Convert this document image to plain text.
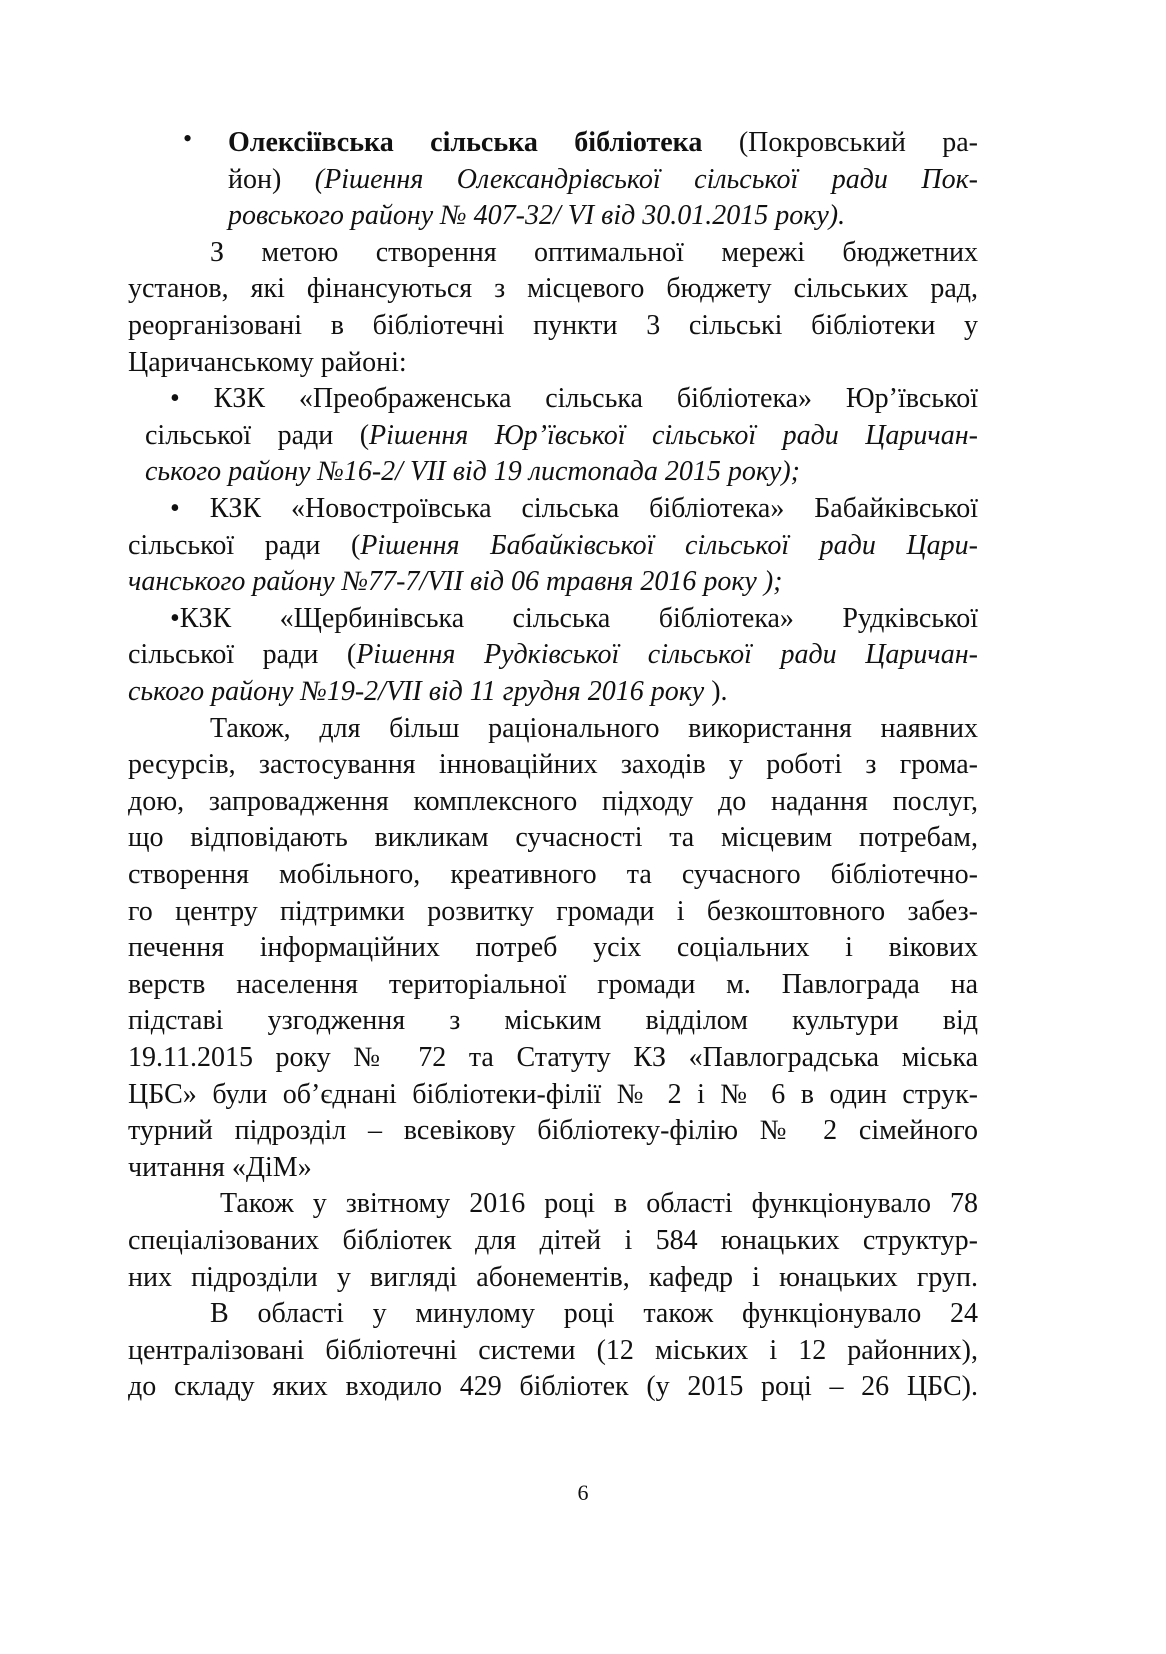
• Олексіївська сільська бібліотека (Покровський ра-
йон) (Рішення Олександрівської сільської ради Пок-
ровського району № 407-32/ VI від 30.01.2015 року).
З метою створення оптимальної мережі бюджетних
установ, які фінансуються з місцевого бюджету сільських рад,
реорганізовані в бібліотечні пункти 3 сільські бібліотеки у
Царичанському районі:
• КЗК «Преображенська сільська бібліотека» Юр’ївської
сільської ради (Рішення Юр’ївської сільської ради Царичан-
ського району №16-2/ VII від 19 листопада 2015 року);
• КЗК «Новостроївська сільська бібліотека» Бабайківської
сільської ради (Рішення Бабайківської сільської ради Цари-
чанського району №77-7/VII від 06 травня 2016 року );
•КЗК «Щербинівська сільська бібліотека» Рудківської
сільської ради (Рішення Рудківської сільської ради Царичан-
ського району №19-2/VII від 11 грудня 2016 року ).
Також, для більш раціонального використання наявних
ресурсів, застосування інноваційних заходів у роботі з грома-
дою, запровадження комплексного підходу до надання послуг,
що відповідають викликам сучасності та місцевим потребам,
створення мобільного, креативного та сучасного бібліотечно-
го центру підтримки розвитку громади і безкоштовного забез-
печення інформаційних потреб усіх соціальних і вікових
верств населення територіальної громади м. Павлограда на
підставі узгодження з міським відділом культури від
19.11.2015 року № 72 та Статуту КЗ «Павлоградська міська
ЦБС» були об’єднані бібліотеки-філії № 2 і № 6 в один струк-
турний підрозділ – всевікову бібліотеку-філію № 2 сімейного
читання «ДіМ»
Також у звітному 2016 році в області функціонувало 78
спеціалізованих бібліотек для дітей і 584 юнацьких структур-
них підрозділи у вигляді абонементів, кафедр і юнацьких груп.
В області у минулому році також функціонувало 24
централізовані бібліотечні системи (12 міських і 12 районних),
до складу яких входило 429 бібліотек (у 2015 році – 26 ЦБС).
6
